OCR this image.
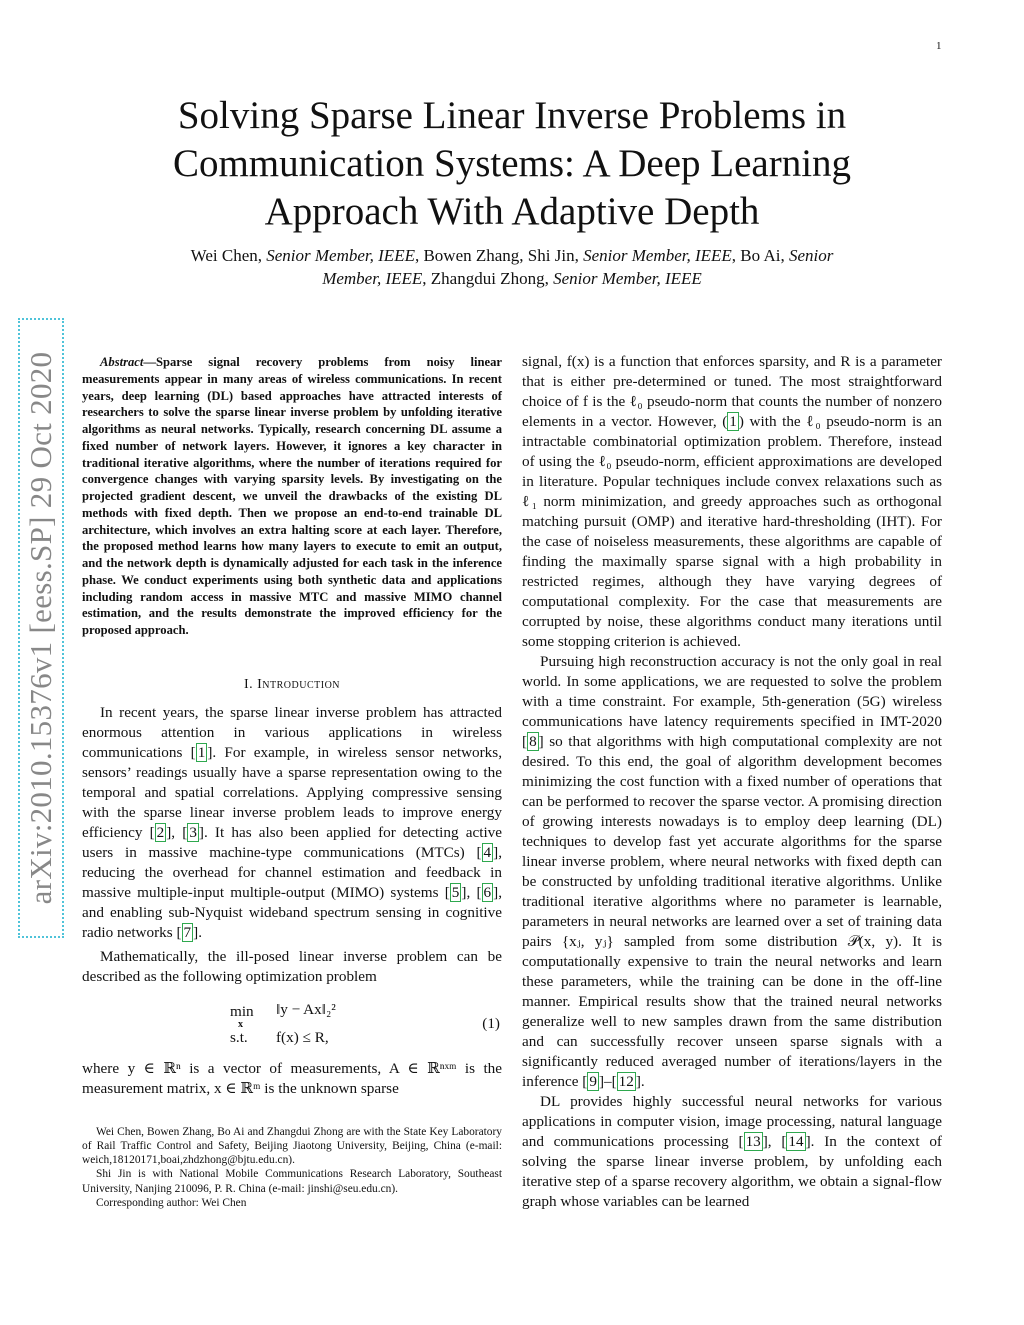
1
arXiv:2010.15376v1 [eess.SP] 29 Oct 2020
Solving Sparse Linear Inverse Problems in
Communication Systems: A Deep Learning
Approach With Adaptive Depth
Wei Chen, Senior Member, IEEE, Bowen Zhang, Shi Jin, Senior Member, IEEE, Bo Ai, Senior
Member, IEEE, Zhangdui Zhong, Senior Member, IEEE

Abstract—Sparse signal recovery problems from noisy linear measurements appear in many areas of wireless communications. In recent years, deep learning (DL) based approaches have attracted interests of researchers to solve the sparse linear inverse problem by unfolding iterative algorithms as neural networks. Typically, research concerning DL assume a fixed number of network layers. However, it ignores a key character in traditional iterative algorithms, where the number of iterations required for convergence changes with varying sparsity levels. By investigating on the projected gradient descent, we unveil the drawbacks of the existing DL methods with fixed depth. Then we propose an end-to-end trainable DL architecture, which involves an extra halting score at each layer. Therefore, the proposed method learns how many layers to execute to emit an output, and the network depth is dynamically adjusted for each task in the inference phase. We conduct experiments using both synthetic data and applications including random access in massive MTC and massive MIMO channel estimation, and the results demonstrate the improved efficiency for the proposed approach.

I. Introduction

In recent years, the sparse linear inverse problem has attracted enormous attention in various applications in wireless communications [ 1 ]. For example, in wireless sensor networks, sensors’ readings usually have a sparse representation owing to the temporal and spatial correlations. Applying compressive sensing with the sparse linear inverse problem leads to improve energy efficiency [ 2 ], [ 3 ]. It has also been applied for detecting active users in massive machine-type communications (MTCs) [ 4 ], reducing the overhead for channel estimation and feedback in massive multiple-input multiple-output (MIMO) systems [ 5 ], [ 6 ], and enabling sub-Nyquist wideband spectrum sensing in cognitive radio networks [ 7 ].

Mathematically, the ill-posed linear inverse problem can be described as the following optimization problem

min
x
s.t.
‖y − Ax‖₂²
f(x) ≤ R,
(1)

where y ∈ ℝⁿ is a vector of measurements, A ∈ ℝⁿˣᵐ is the measurement matrix, x ∈ ℝᵐ is the unknown sparse

Wei Chen, Bowen Zhang, Bo Ai and Zhangdui Zhong are with the State Key Laboratory of Rail Traffic Control and Safety, Beijing Jiaotong University, Beijing, China (e-mail: weich,18120171,boai,zhdzhong@bjtu.edu.cn).

Shi Jin is with National Mobile Communications Research Laboratory, Southeast University, Nanjing 210096, P. R. China (e-mail: jinshi@seu.edu.cn).

Corresponding author: Wei Chen

signal, f(x) is a function that enforces sparsity, and R is a parameter that is either pre-determined or tuned. The most straightforward choice of f is the ℓ₀ pseudo-norm that counts the number of nonzero elements in a vector. However, ( 1 ) with the ℓ₀ pseudo-norm is an intractable combinatorial optimization problem. Therefore, instead of using the ℓ₀ pseudo-norm, efficient approximations are developed in literature. Popular techniques include convex relaxations such as ℓ₁ norm minimization, and greedy approaches such as orthogonal matching pursuit (OMP) and iterative hard-thresholding (IHT). For the case of noiseless measurements, these algorithms are capable of finding the maximally sparse signal with a high probability in restricted regimes, although they have varying degrees of computational complexity. For the case that measurements are corrupted by noise, these algorithms conduct many iterations until some stopping criterion is achieved.

Pursuing high reconstruction accuracy is not the only goal in real world. In some applications, we are requested to solve the problem with a time constraint. For example, 5th-generation (5G) wireless communications have latency requirements specified in IMT-2020 [ 8 ] so that algorithms with high computational complexity are not desired. To this end, the goal of algorithm development becomes minimizing the cost function with a fixed number of operations that can be performed to recover the sparse vector. A promising direction of growing interests nowadays is to employ deep learning (DL) techniques to develop fast yet accurate algorithms for the sparse linear inverse problem, where neural networks with fixed depth can be constructed by unfolding traditional iterative algorithms. Unlike traditional iterative algorithms where no parameter is learnable, parameters in neural networks are learned over a set of training data pairs {xⱼ, yⱼ} sampled from some distribution 𝒫(x, y). It is computationally expensive to train the neural networks and learn these parameters, while the training can be done in the off-line manner. Empirical results show that the trained neural networks generalize well to new samples drawn from the same distribution and can successfully recover unseen sparse signals with a significantly reduced averaged number of iterations/layers in the inference [ 9 ]–[ 12 ].

DL provides highly successful neural networks for various applications in computer vision, image processing, natural language and communications processing [ 13 ], [ 14 ]. In the context of solving the sparse linear inverse problem, by unfolding each iterative step of a sparse recovery algorithm, we obtain a signal-flow graph whose variables can be learned
